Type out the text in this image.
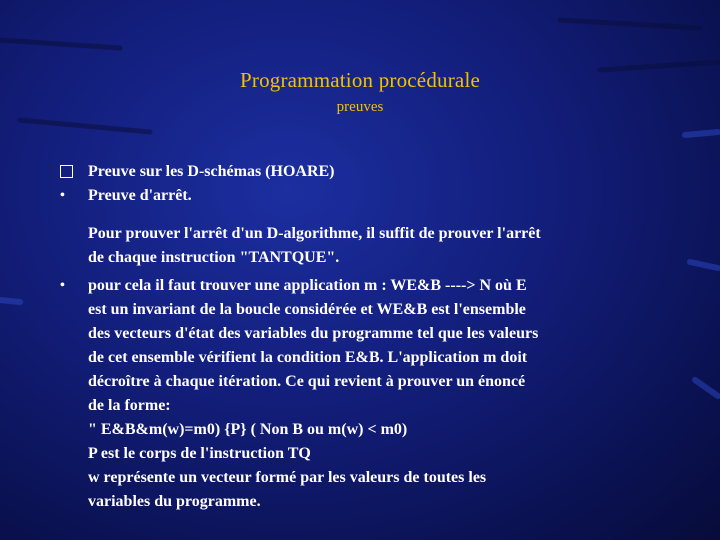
Programmation procédurale
preuves
Preuve sur les D-schémas (HOARE)
•	Preuve d'arrêt.
Pour prouver l'arrêt d'un D-algorithme, il suffit de prouver l'arrêt
de chaque instruction "TANTQUE".
•	pour cela il faut trouver une application m : WE&B ----> N où E
est un invariant de la boucle considérée et WE&B est l'ensemble
des vecteurs d'état des variables du programme tel que les valeurs
de cet ensemble vérifient la condition E&B. L'application m doit
décroître à chaque itération. Ce qui revient à prouver un énoncé
de la forme:
" E&B&m(w)=m0) {P} ( Non B ou m(w) < m0)
P est le corps de l'instruction TQ
w représente un vecteur formé par les valeurs de toutes les
variables du programme.
